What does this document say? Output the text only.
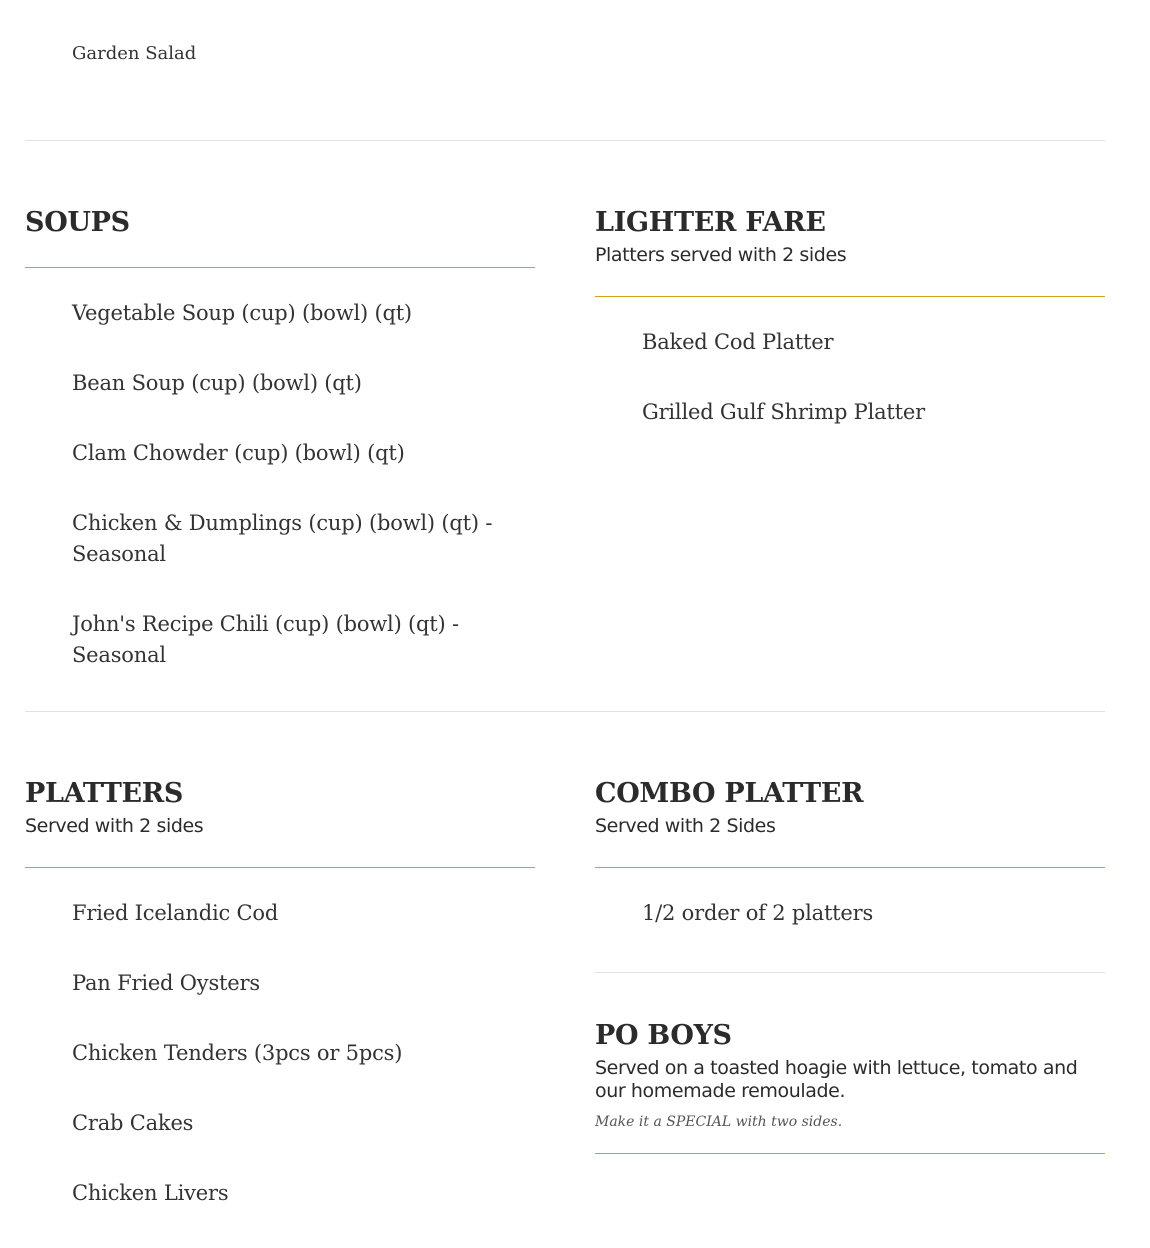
Garden Salad
SOUPS
Vegetable Soup (cup) (bowl) (qt)
Bean Soup (cup) (bowl) (qt)
Clam Chowder (cup) (bowl) (qt)
Chicken & Dumplings (cup) (bowl) (qt) - Seasonal
John's Recipe Chili (cup) (bowl) (qt) - Seasonal
LIGHTER FARE

Platters served with 2 sides

Baked Cod Platter
Grilled Gulf Shrimp Platter
PLATTERS

Served with 2 sides

Fried Icelandic Cod
Pan Fried Oysters
Chicken Tenders (3pcs or 5pcs)
Crab Cakes
Chicken Livers
COMBO PLATTER

Served with 2 Sides

1/2 order of 2 platters
PO BOYS

Served on a toasted hoagie with lettuce, tomato and our homemade remoulade.

Make it a SPECIAL with two sides.
